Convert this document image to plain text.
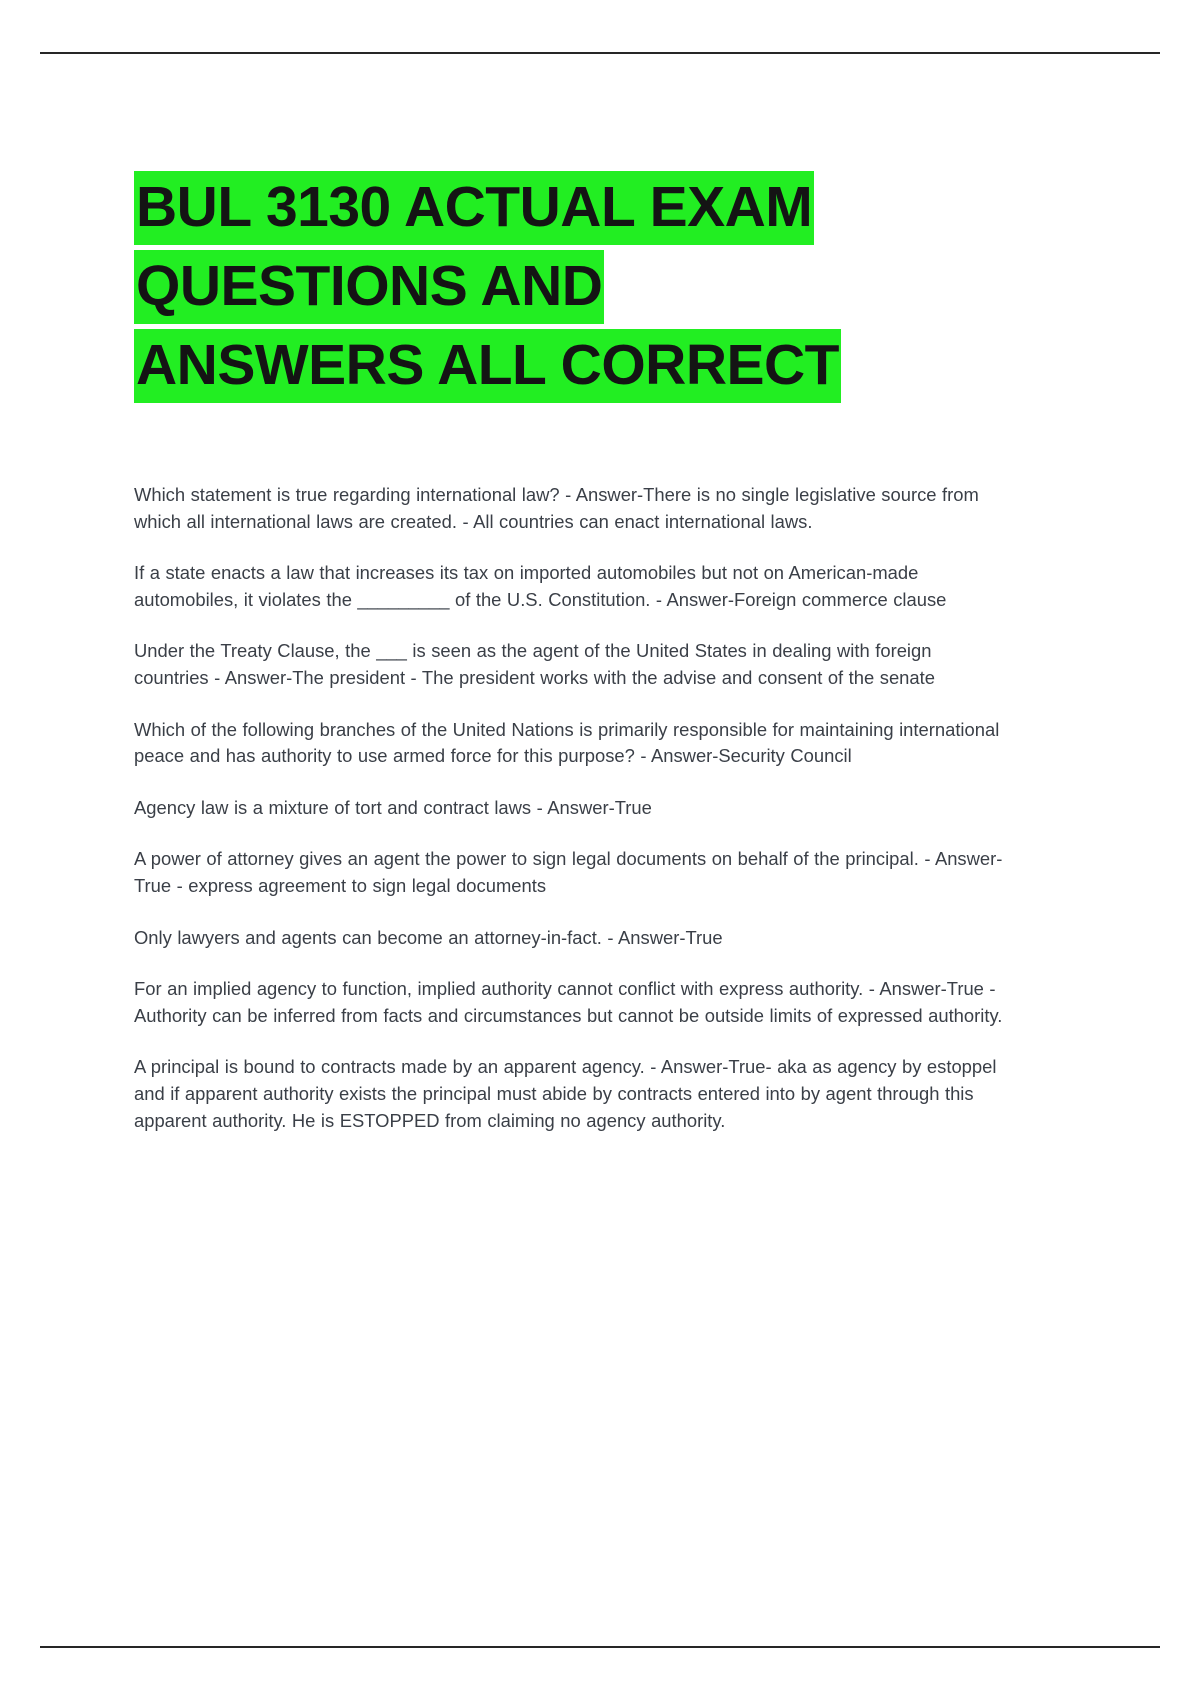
BUL 3130 ACTUAL EXAM
QUESTIONS AND
ANSWERS ALL CORRECT

Which statement is true regarding international law? - Answer-There is no single legislative source from which all international laws are created. - All countries can enact international laws.

If a state enacts a law that increases its tax on imported automobiles but not on American-made automobiles, it violates the _________ of the U.S. Constitution. - Answer-Foreign commerce clause

Under the Treaty Clause, the ___ is seen as the agent of the United States in dealing with foreign countries - Answer-The president - The president works with the advise and consent of the senate

Which of the following branches of the United Nations is primarily responsible for maintaining international peace and has authority to use armed force for this purpose? - Answer-Security Council

Agency law is a mixture of tort and contract laws - Answer-True

A power of attorney gives an agent the power to sign legal documents on behalf of the principal. - Answer-True - express agreement to sign legal documents

Only lawyers and agents can become an attorney-in-fact. - Answer-True

For an implied agency to function, implied authority cannot conflict with express authority. - Answer-True - Authority can be inferred from facts and circumstances but cannot be outside limits of expressed authority.

A principal is bound to contracts made by an apparent agency. - Answer-True- aka as agency by estoppel and if apparent authority exists the principal must abide by contracts entered into by agent through this apparent authority. He is ESTOPPED from claiming no agency authority.
